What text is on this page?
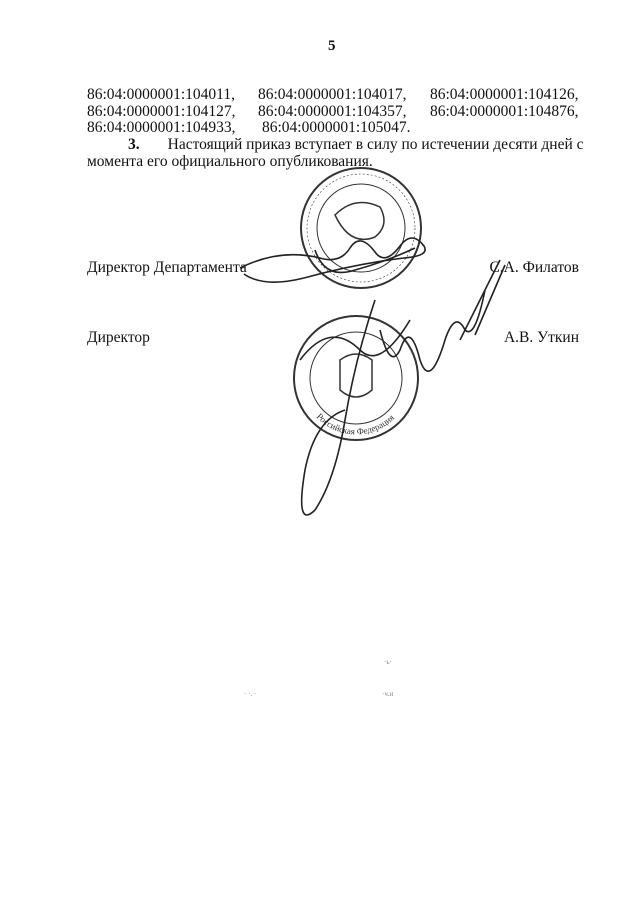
5
86:04:0000001:104011, 86:04:0000001:104017, 86:04:0000001:104126,
86:04:0000001:104127, 86:04:0000001:104357, 86:04:0000001:104876,
86:04:0000001:104933, 86:04:0000001:105047.
3. Настоящий приказ вступает в силу по истечении десяти дней с
момента его официального опубликования.
Директор Департамента	С.А. Филатов
Директор	А.В. Уткин
Российская Федерация
·ь·
· ·. ·	·ч.и
